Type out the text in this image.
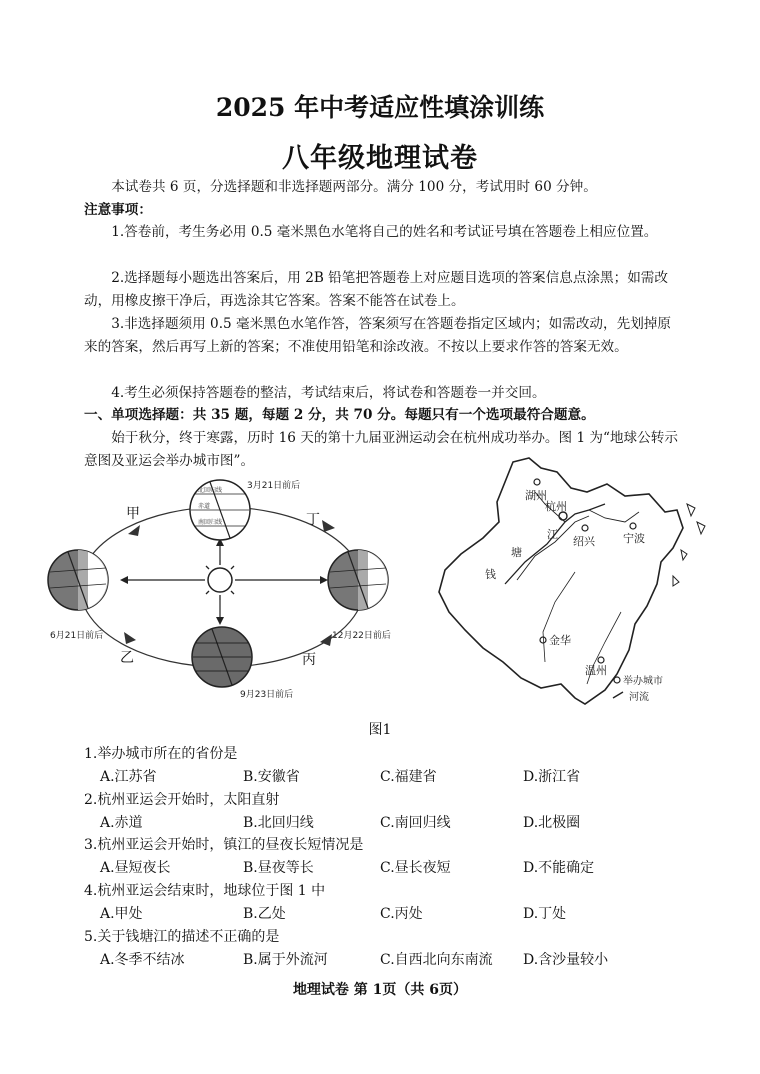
2025 年中考适应性填涂训练
八年级地理试卷
本试卷共 6 页，分选择题和非选择题两部分。满分 100 分，考试用时 60 分钟。
注意事项：
1.答卷前，考生务必用 0.5 毫米黑色水笔将自己的姓名和考试证号填在答题卷上相应位置。
2.选择题每小题选出答案后，用 2B 铅笔把答题卷上对应题目选项的答案信息点涂黑；如需改动，用橡皮擦干净后，再选涂其它答案。答案不能答在试卷上。
3.非选择题须用 0.5 毫米黑色水笔作答，答案须写在答题卷指定区域内；如需改动，先划掉原来的答案，然后再写上新的答案；不准使用铅笔和涂改液。不按以上要求作答的答案无效。
4.考生必须保持答题卷的整洁，考试结束后，将试卷和答题卷一并交回。
一、单项选择题：共 35 题，每题 2 分，共 70 分。每题只有一个选项最符合题意。
始于秋分，终于寒露，历时 16 天的第十九届亚洲运动会在杭州成功举办。图 1 为“地球公转示意图及亚运会举办城市图”。
北回归线
赤道
南回归线
3月21日前后
6月21日前后	12月22日前后
9月23日前后
甲	丁
乙	丙
湖州
杭州
绍兴	宁波
金华
温州
钱
塘
江
举办城市
河流
图1
1.举办城市所在的省份是
A.江苏省	B.安徽省	C.福建省	D.浙江省
2.杭州亚运会开始时，太阳直射
A.赤道	B.北回归线	C.南回归线	D.北极圈
3.杭州亚运会开始时，镇江的昼夜长短情况是
A.昼短夜长	B.昼夜等长	C.昼长夜短	D.不能确定
4.杭州亚运会结束时，地球位于图 1 中
A.甲处	B.乙处	C.丙处	D.丁处
5.关于钱塘江的描述不正确的是
A.冬季不结冰	B.属于外流河	C.自西北向东南流 D.含沙量较小
地理试卷 第 1页（共 6页）
